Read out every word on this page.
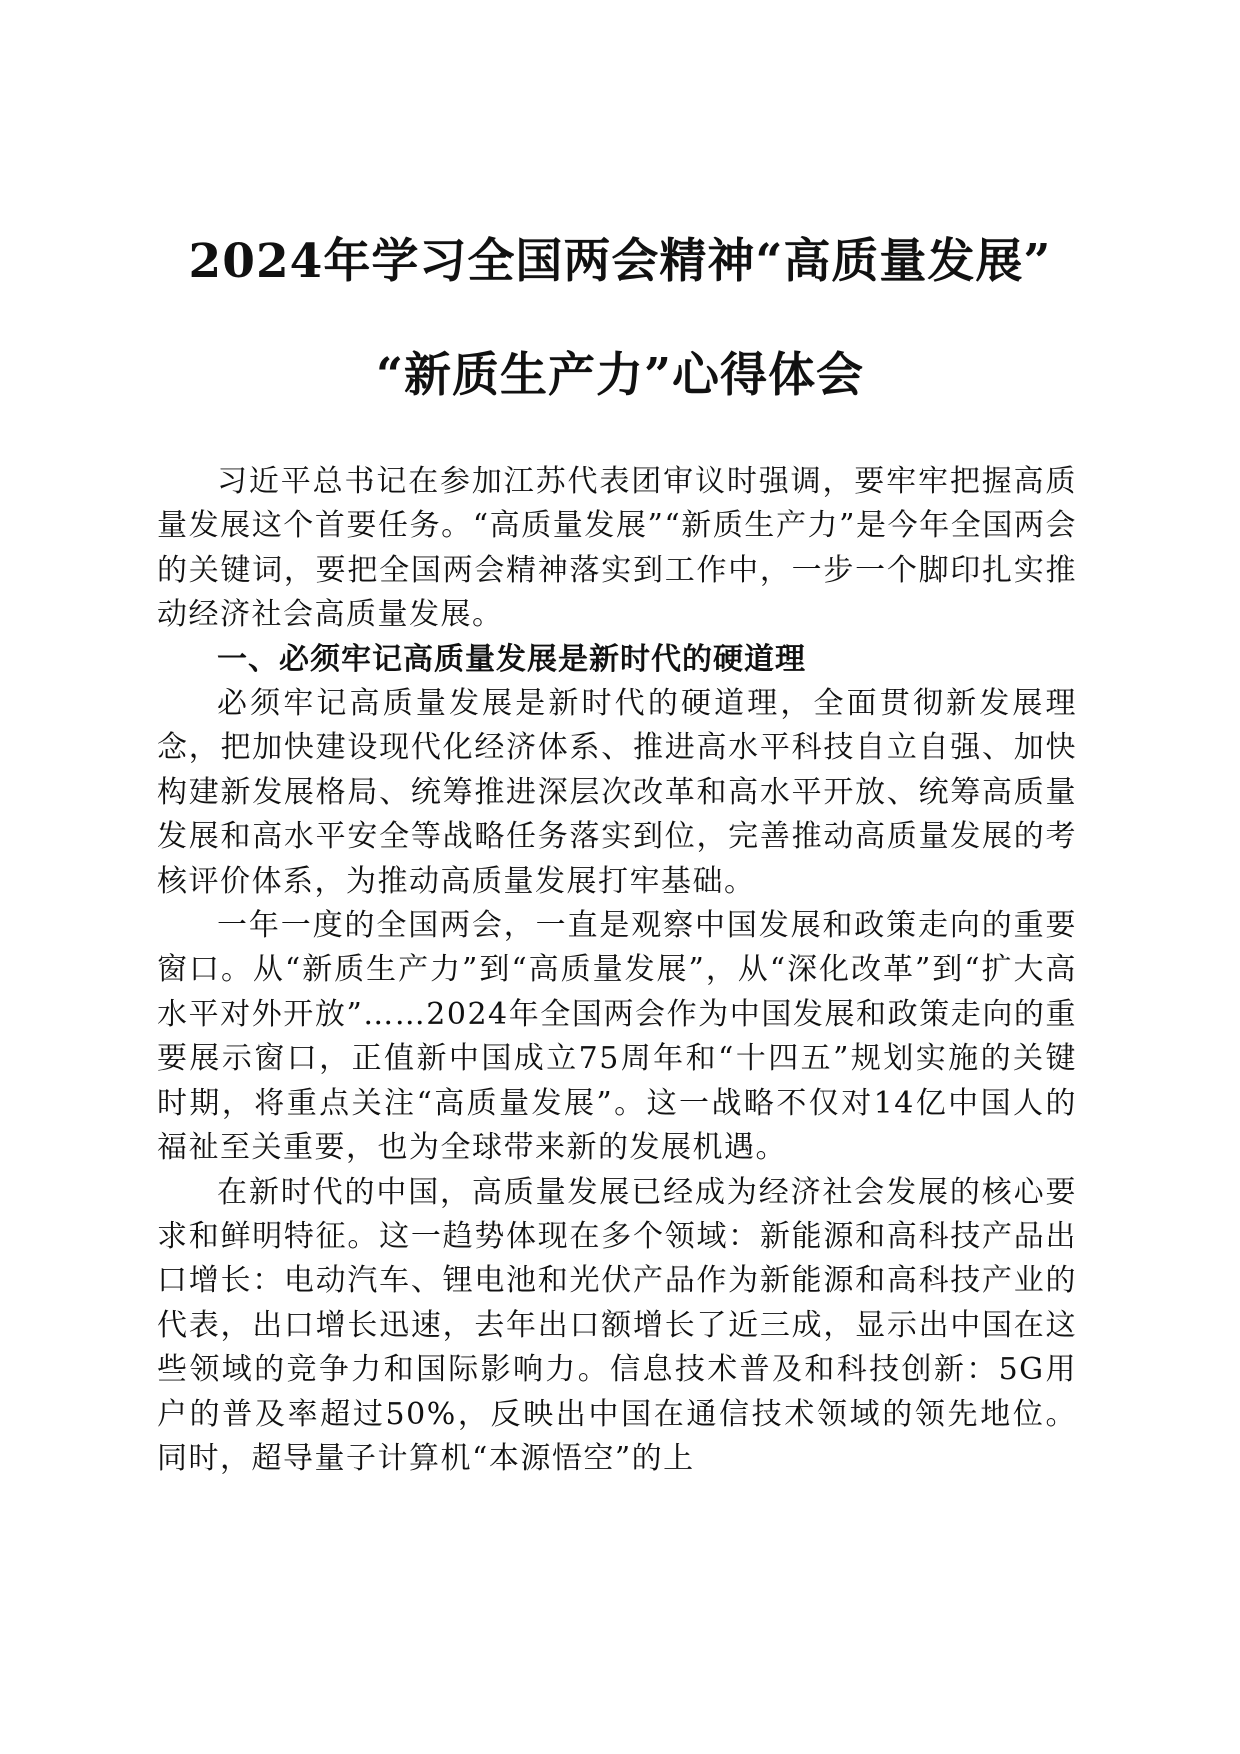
2024年学习全国两会精神“高质量发展”
“新质生产力”心得体会

习近平总书记在参加江苏代表团审议时强调，要牢牢把握高质量发展这个首要任务。“高质量发展”“新质生产力”是今年全国两会的关键词，要把全国两会精神落实到工作中，一步一个脚印扎实推动经济社会高质量发展。

一、必须牢记高质量发展是新时代的硬道理

必须牢记高质量发展是新时代的硬道理，全面贯彻新发展理念，把加快建设现代化经济体系、推进高水平科技自立自强、加快构建新发展格局、统筹推进深层次改革和高水平开放、统筹高质量发展和高水平安全等战略任务落实到位，完善推动高质量发展的考核评价体系，为推动高质量发展打牢基础。

一年一度的全国两会，一直是观察中国发展和政策走向的重要窗口。从“新质生产力”到“高质量发展”，从“深化改革”到“扩大高水平对外开放”……2024年全国两会作为中国发展和政策走向的重要展示窗口，正值新中国成立75周年和“十四五”规划实施的关键时期，将重点关注“高质量发展”。这一战略不仅对14亿中国人的福祉至关重要，也为全球带来新的发展机遇。

在新时代的中国，高质量发展已经成为经济社会发展的核心要求和鲜明特征。这一趋势体现在多个领域：新能源和高科技产品出口增长：电动汽车、锂电池和光伏产品作为新能源和高科技产业的代表，出口增长迅速，去年出口额增长了近三成，显示出中国在这些领域的竞争力和国际影响力。信息技术普及和科技创新：5G用户的普及率超过50%，反映出中国在通信技术领域的领先地位。同时，超导量子计算机“本源悟空”的上
